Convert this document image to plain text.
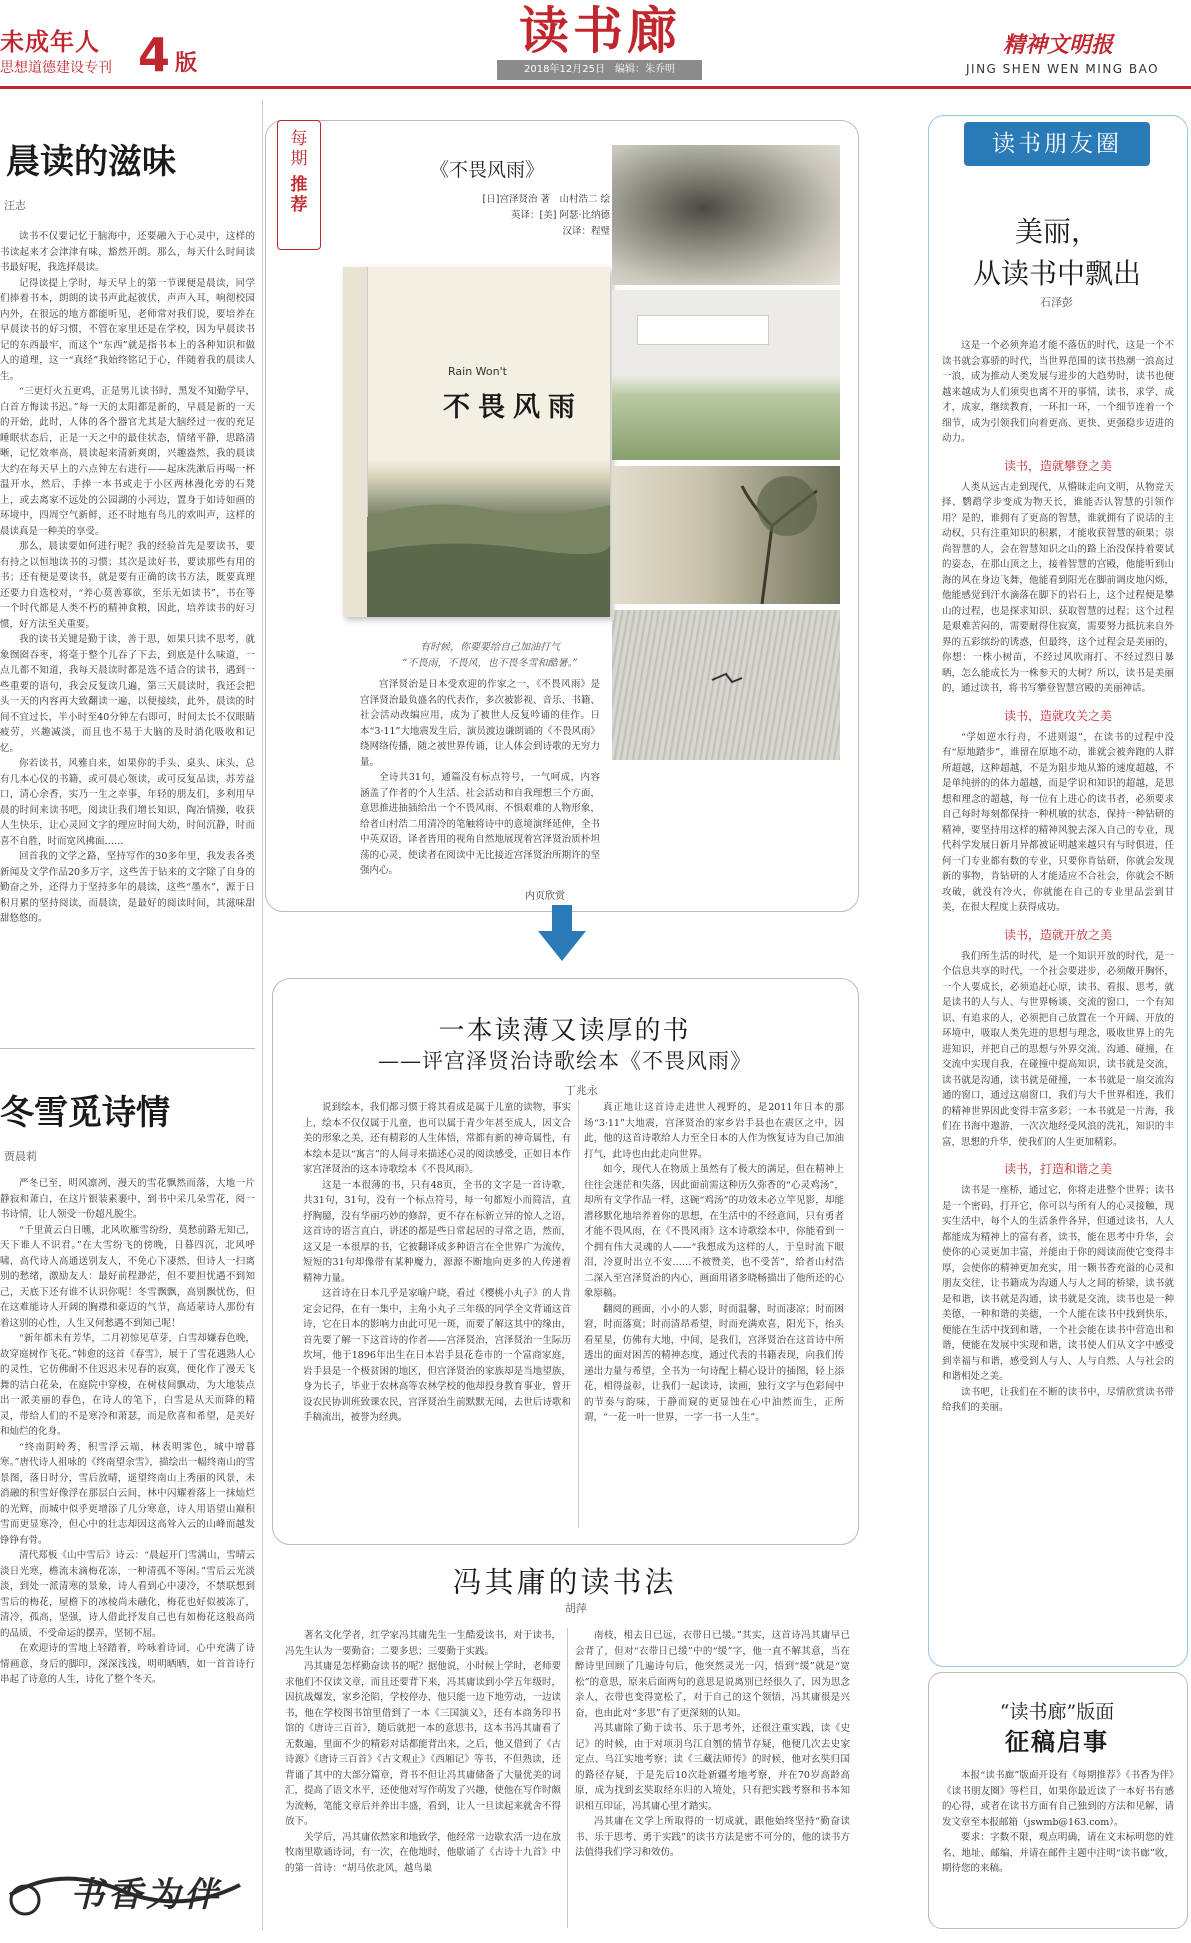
未成年人
思想道德建设专刊 4 版
读书廊
2018年12月25日　编辑：朱乔明
精神文明报
JING SHEN WEN MING BAO
晨读的滋味
汪志

读书不仅要记忆于脑海中，还要融入于心灵中，这样的书读起来才会津津有味，豁然开朗。那么，每天什么时间读书最好呢，我选择晨读。

记得读提上学时，每天早上的第一节课便是晨读，同学们捧着书本，朗朗的读书声此起彼伏，声声入耳，响彻校园内外，在很远的地方都能听见，老师常对我们说，要培养在早晨读书的好习惯，不管在家里还是在学校，因为早晨读书记的东西最牢，而这个“东西”就是指书本上的各种知识和做人的道理，这一“真经”我始终铭记于心，伴随着我的晨读人生。

“三更灯火五更鸡，正是男儿读书时，黑发不知勤学早，白首方悔读书迟。”每一天的太阳都是新的，早晨是新的一天的开始，此时，人体的各个器官尤其是大脑经过一夜的充足睡眠状态后，正是一天之中的最佳状态，情绪平静，思路清晰，记忆效率高，晨读起来清新爽朗，兴趣盎然，我的晨读大约在每天早上的六点钟左右进行——起床洗漱后再喝一杯温开水，然后，手捧一本书或走于小区两林漫化旁的石凳上，或去离家不远处的公园湖的小河边，置身于如诗如画的环境中，四周空气新鲜，还不时地有鸟儿的欢叫声，这样的晨读真是一种美的享受。

那么，晨读要如何进行呢？我的经验首先是要读书，要有持之以恒地读书的习惯；其次是读好书，要读那些有用的书；还有便是要读书，就是要有正确的读书方法，既要真理还要力自选校对，“养心莫善寡欲，至乐无如读书”，书在等一个时代都是人类不朽的精神食粮，因此，培养读书的好习惯，好方法至关重要。

我的读书关键是勤于读，善于思，如果只读不思考，就象囫囵吞枣，将毫于整个儿吞了下去，到底是什么味道，一点儿都不知道，我每天晨读时都是选不适合的读书，遇到一些重要的语句，我会反复读几遍，第三天晨读时，我还会把头一天的内容再大致翻读一遍，以便接续，此外，晨读的时间不宜过长，半小时至40分钟左右即可，时间太长不仅眼睛疲劳，兴趣减淡，而且也不易于大脑的及时消化吸收和记忆。

你若读书，风雅自来，如果你的手头、桌头、床头，总有几本心仪的书籍，或可晨心领读，或可反复品读，苏芳益口，清心余香，实乃一生之幸事，年轻的朋友们，多利用早晨的时间来读书吧，阅读让我们增长知识，陶冶情操，收获人生快乐，让心灵回文字的理应时间大幼，时间沉静，时而喜不自胜，时而宽风拂面……

回首我的文学之路，坚持写作的30多年里，我发表各类新闻及文学作品20多万字，这些苦于钻来的文字除了自身的勤奋之外，还得力于坚持多年的晨读，这些“墨水”，源于日积月累的坚持阅读，而晨读，是最好的阅读时间，其滋味甜甜悠悠的。

冬雪觅诗情
贾晨莉

严冬已至，明风凛冽，漫天的雪花飘然而落，大地一片静寂和萧白，在这片银装素裹中，到书中采几朵雪花，阅一书诗情，让人领受一份超凡脱尘。

“千里黄云白日曛，北风吹雁雪纷纷，莫愁前路无知己，天下谁人不识君。”在大雪纷飞的傍晚，日暮四沉，北风呼啸，高代诗人高通送别友人，不免心下凄然，但诗人一扫离别的愁绪，激励友人：最好前程渺茫，但不要担忧遇不到知己，天底下还有谁不认识你呢！冬雪飘飘，高别飘忧伤，但在这难能诗人开阔的胸襟和豪迈的气节，高适蒙诗人那份有着这别的心性，人生又何愁遇不到知己呢！

“新年都未有芳华，二月初惊见草芽，白雪却嫌春色晚，故穿庭树作飞花。”韩愈的这首《春雪》，展于了雪花遇熟人心的灵性，它仿佛耐不住迟迟未见春的寂寞，便化作了漫天飞舞的洁白花朵，在庭院中穿梭，在树枝间飘动，为大地装点出一派美丽的春色，在诗人的笔下，白雪是从天而降的精灵，带给人们的不是寒冷和萧瑟，而是欣喜和希望，是美好和灿烂的化身。

“终南阴岭秀，积雪浮云端，林表明霁色，城中增暮寒。”唐代诗人祖咏的《终南望余雪》，描绘出一幅终南山的雪景图，落日时分，雪后放晴，遥望终南山上秀丽的风景，未消融的积雪好像浮在那层白云间，林中闪耀着落上一抹灿烂的光辉，而城中似乎更增添了几分寒意，诗人用语望山巅积雪而更显寒冷，但心中的壮志却因这高耸入云的山峰而越发铮铮有骨。

清代郑板《山中雪后》诗云：“晨起开门雪满山，雪晴云淡日光寒，檐流未滴梅花冻，一种清孤不等闲。”雪后云光淡淡，到处一派清寒的景象，诗人看到心中凄冷，不禁联想到雪后的梅花，屋檐下的冰棱尚未融化，梅花也好似被冻了，清冷，孤高，坚强，诗人借此抒发自己也有如梅花这般高尚的品质，不受命运的摆弄，坚韧不屈。

在欢迎诗的雪地上轻踏着，吟咏着诗词，心中充满了诗情画意，身后的脚印，深深浅浅，明明晒晒，如一首首诗行串起了诗意的人生，诗化了整个冬天。

书香为伴
每期
推荐
《不畏风雨》
[日]宫泽贤治 著　山村浩二 绘
英译：[美] 阿瑟·比纳德
汉译：程璧
Rain Won't
不畏风雨
有时候，你要要给自己加油打气
“不畏雨，不畏风，也不畏冬雪和酷暑。”

宫泽贤治是日本受欢迎的作家之一，《不畏风雨》是宫泽贤治最负盛名的代表作，多次被影视、音乐、书籍、社会活动改编应用，成为了被世人反复吟诵的佳作。日本“3·11”大地震发生后，演员渡边谦朗诵的《不畏风雨》绕网络传播，随之被世界传诵，让人体会到诗歌的无穷力量。

全诗共31句，通篇没有标点符号，一气呵成，内容涵盖了作者的个人生活、社会活动和自我理想三个方面，意思推进抽插给出一个不畏风雨、不惧艰难的人物形象，给者山村浩二用清冷的笔触将诗中的意境演绎延伸，全书中英双语，译者皆用的视角自然地展现着宫泽贤治质朴坦荡的心灵，使读者在阅读中无比接近宫泽贤治所期许的坚强内心。

内页欣赏
一本读薄又读厚的书
——评宫泽贤治诗歌绘本《不畏风雨》
丁兆永

说到绘本，我们都习惯于将其看成是属于儿童的读物，事实上，绘本不仅仅属于儿童，也可以属于青少年甚至成人，因文合美的形象之美，还有精彩的人生体悟，常都有新的神奇属性，有本绘本是以“寓言”的人间寻来描述心灵的阅读感受，正如日本作家宫泽贤治的这本诗歌绘本《不畏风雨》。

这是一本很薄的书，只有48页，全书的文字是一首诗歌，共31句，31句，没有一个标点符号，每一句都短小而简洁，直抒胸臆，没有华丽巧妙的修辞，更不存在标新立异的惊人之语，这首诗的语言直白，讲述的都是些日常起居的寻常之语，然而，这又是一本很厚的书，它被翻译成多种语言在全世界广为流传，短短的31句却像带有某种魔力，源源不断地向更多的人传递着精神力量。

这首诗在日本几乎是家喻户晓，看过《樱桃小丸子》的人肯定会记得，在有一集中，主角小丸子三年级的同学全文背诵这首诗，它在日本的影响力由此可见一斑，而要了解这其中的缘由，首先要了解一下这首诗的作者——宫泽贤治，宫泽贤治一生际历坎坷，他于1896年出生在日本岩手县花卷市的一个富商家庭，岩手县是一个极贫困的地区，但宫泽贤治的家族却是当地望族，身为长子，毕业于农林高等农林学校的他却投身教育事业，曾开设农民协训班致课农民，宫泽贤治生前默默无闻，去世后诗歌和手稿流出，被誉为经典。

真正地让这首诗走进世人视野的，是2011年日本的那场“3·11”大地震，宫泽贤治的家乡岩手县也在震区之中，因此，他的这首诗歌给人力至全日本的人作为恢复诗为自己加油打气，此诗也由此走向世界。

如今，现代人在物质上虽然有了极大的满足，但在精神上往往会迷茫和失落，因此面前需这种历久弥香的“心灵鸡汤”，却所有文学作品一样，这碗“鸡汤”的功效未必立竿见影，却能潜移默化地培养着你的思想，在生活中的不经意间，只有勇者才能不畏风雨，在《不畏风雨》这本诗歌绘本中，你能看到一个拥有伟大灵魂的人——“我想成为这样的人，于皇时流下眼泪，冷夏时出立不安……不被赞美，也不受苦”，给者山村浩二深入至宫泽贤治的内心，画面用诸多晓畅描出了他所还的心象原稿。

翻阅的画面，小小的人影，时而温馨，时而凄凉；时而困窘，时而落寞；时而清昂希望，时而充满欢喜，阳光下，抬头看星星，仿佛有大地，中间，是我们，宫泽贤治在这首诗中所透出的面对困苦的精神态度，通过代表的书籍表现，向我们传递出力量与希望，全书为一句诗配上精心设计的插图，轻上添花，相得益彰，让我们一起读诗，读画，独行文字与色彩间中的节奏与韵味，于静而窥的更显蚀在心中油然而生，正所谓，“一花一叶一世界，一字一书一人生”。

冯其庸的读书法
胡萍

著名文化学者，红学家冯其庸先生一生酷爱读书，对于读书，冯先生认为一要勤奋；二要多思；三要勤于实践。

冯其庸是怎样勤奋读书的呢？据他说，小时候上学时，老师要求他们不仅读文章，而且还要背下来，冯其庸读到小学五年级时，因抗战爆发，家乡沦陷，学校停办，他只能一边下地劳动，一边读书，他在学校图书馆里借到了一本《三国演义》，还有本商务印书馆的《唐诗三百首》，随后就把一本的意思书，这本书冯其庸看了无数遍，里面不少的精彩对话都能背出来，之后，他又借到了《古诗源》《唐诗三百首》《古文观止》《西厢记》等书，不但熟读，还背诵了其中的大部分篇章，背书不但让冯其庸储备了大量优美的词汇，提高了语文水平，还使他对写作萌发了兴趣，使他在写作时颇为流畅，笔能文章后并养出丰盛，看到，让人一旦读起来就舍不得放下。

关学后，冯其庸依然家和地致学，他经常一边歇农活一边在放牧南里歇诵诗词，有一次，在他地时，他歇诵了《古诗十九首》中的第一首诗：“胡马依北风，越鸟巢

南枝，相去日已远，衣带日已缓。”其实，这首诗冯其庸早已会背了，但对“衣带日已缓”中的“缓”字，他一直不解其意，当在醉诗里回顾了几遍诗句后，他突然灵光一闪，悟到“缓”就是“宽松”的意思，原来后面两句的意思是说离别已经很久了，因为思念亲人，衣带也变得宽松了，对于自己的这个领悟，冯其庸很是兴奋，也由此对“多思”有了更深刻的认知。

冯其庸除了勤于读书、乐于思考外，还很注重实践，读《史记》的时候，由于对项羽乌江自刎的情节存疑，他便几次去史家定点、乌江实地考察；读《三藏法师传》的时候，他对玄奘归国的路径存疑，于是先后10次赴新疆考地考察，并在70岁高龄高原，成为找到玄奘取经东归的入境处，只有把实践考察和书本知识相互印证，冯其庸心里才踏实。

冯其庸在文学上所取得的一切成就，跟他始终坚持“勤奋读书、乐于思考、勇于实践”的读书方法是密不可分的，他的读书方法值得我们学习和效仿。

读书朋友圈
美丽，
从读书中飘出
石泽彭

这是一个必须奔追才能不落伍的时代，这是一个不读书就会寡骄的时代，当世界范围的读书热潮一浪高过一浪，成为推动人类发展与进步的大趋势时，读书也便越来越成为人们须臾也离不开的事情，读书，求学、成才，成家，继续教育，一环扣一环，一个细节连着一个细节，成为引领我们向着更高、更快、更强稳步迈进的动力。

读书，造就攀登之美

人类从远古走到现代，从懵昧走向文明，从物竞天择、鹦鹉学步变成为物天长，谁能否认智慧的引领作用？是的，谁拥有了更高的智慧，谁就拥有了说话的主动权，只有注重知识的积累，才能收获智慧的硕果；崇尚智慧的人，会在智慧知识之山的路上治没保持着要试的姿态，在那山顶之上，接着智慧的宫殿，他能听到山海的风在身边飞舞，他能看到阳光在脚前调皮地闪烁，他能感觉到汗水滴落在脚下的岩石上，这个过程便是攀山的过程，也是探求知识、获取智慧的过程；这个过程是艰难苦闷的，需要耐得住寂寞，需要努力抵抗来自外界的五彩缤纷的诱惑，但最终，这个过程会是美丽的，你想：一株小树苗，不经过风吹雨打、不经过烈日暴晒，怎么能成长为一株参天的大树？所以，读书是美丽的，通过读书，将书写攀登智慧宫殿的美丽神话。

读书，造就攻关之美

“学如逆水行舟，不进则退”，在读书的过程中没有“原地踏步”，谁留在原地不动，谁就会被奔跑的人群所超越，这种超越，不是为阻步地从豁的速度超越，不是单纯拼的的体力超越，而是学识和知识的超越，是思想和理念的超越，每一位有上进心的读书者，必须要求自己每时每刻都保持一种机敏的状态，保持一种钻研的精神，要坚持用这样的精神风貌去深入自己的专业，现代科学发展日新月异都被证明越来越只有与时俱进，任何一门专业都有数的专业，只要你肯钻研，你就会发现新的事物，肯钻研的人才能适应不合社会，你就会不断攻破，就没有冷火，你就能在自己的专业里品尝到甘美，在很大程度上获得成功。

读书，造就开放之美

我们所生活的时代，是一个知识开放的时代，是一个信息共享的时代，一个社会要进步，必须敞开胸怀，一个人要成长，必须追赶心原，读书、看报、思考，就是读书的人与人、与世界畅谈、交流的窗口，一个有知识、有追求的人，必须把自己放置在一个开阔、开放的环境中，吸取人类先进的思想与理念，吸收世界上的先进知识，并把自己的思想与外界交流、沟通、碰撞，在交流中实现自我，在碰撞中提高知识，读书就是交流，读书就是沟通，读书就是碰撞，一本书就是一扇交流沟通的窗口，通过这扇窗口，我们与大千世界相连，我们的精神世界因此变得丰富多彩；一本书就是一片海，我们在书海中遨游，一次次地经受风浪的洗礼，知识的丰富，思想的升华，使我们的人生更加精彩。

读书，打造和谐之美

读书是一座桥，通过它，你将走进整个世界；读书是一个密码，打开它，你可以与所有人的心灵接触，现实生活中，每个人的生活条件各异，但通过读书，人人都能成为精神上的富有者，读书，能在思考中升华，会使你的心灵更加丰富，并能由于你的阅读而使它变得丰厚，会使你的精神更加充实，用一颗书香充溢的心灵和朋友交往，让书籍成为沟通人与人之间的桥梁，读书就是和谐，读书就是沟通，读书就是交流，读书也是一种美德，一种和谐的美德，一个人能在读书中找到快乐，便能在生活中找到和谐，一个社会能在读书中营造出和谐，便能在发展中实现和谐，读书使人们从文字中感受到幸福与和谐，感受到人与人、人与自然、人与社会的和谐相处之美。

读书吧，让我们在不断的读书中，尽情欣赏读书带给我们的美丽。

“读书廊”版面
征稿启事

本报“读书廊”版面开设有《每期推荐》《书香为伴》《读书朋友圈》等栏目，如果你最近读了一本好书有感的心得，或者在读书方面有自己独到的方法和见解，请发文章至本报邮箱（jswmb@163.com）。

要求：字数不限，观点明确，请在文末标明您的姓名、地址、邮编，并请在邮件主题中注明“读书廊”收，期待您的来稿。
